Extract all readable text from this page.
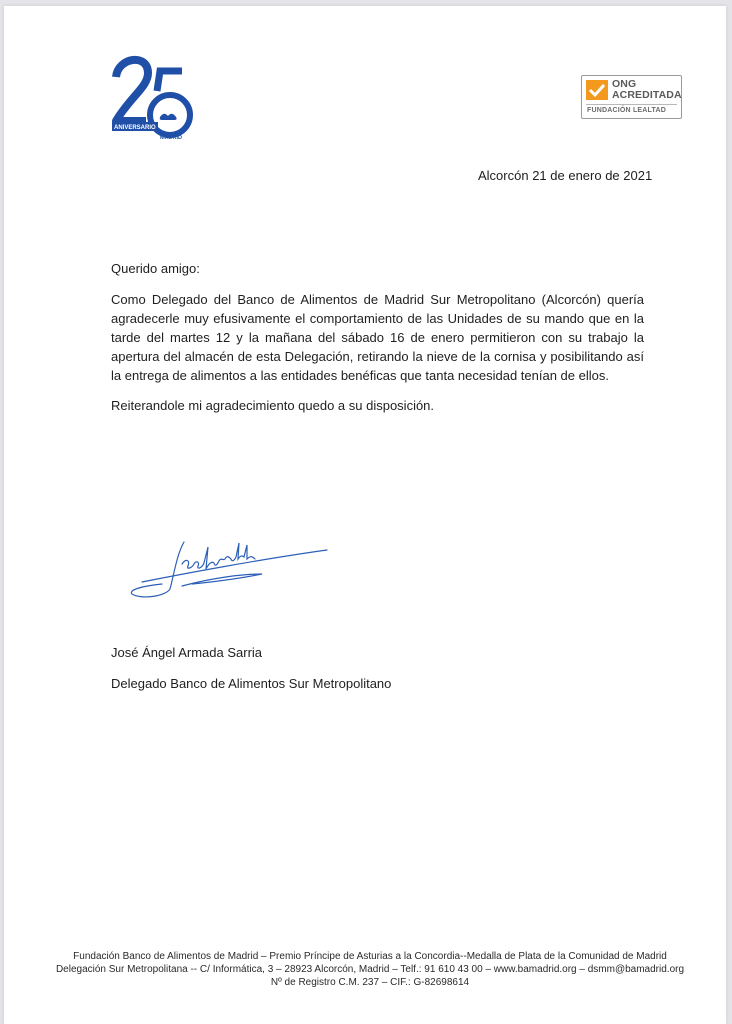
ANIVERSARIO
MADRID
ONG
ACREDITADA
FUNDACIÓN LEALTAD
Alcorcón 21 de enero de 2021
Querido amigo:
Como Delegado del Banco de Alimentos de Madrid Sur Metropolitano (Alcorcón) quería agradecerle muy efusivamente el comportamiento de las Unidades de su mando que en la tarde del martes 12 y la mañana del sábado 16 de enero permitieron con su trabajo la apertura del almacén de esta Delegación, retirando la nieve de la cornisa y posibilitando así la entrega de alimentos a las entidades benéficas que tanta necesidad tenían de ellos.
Reiterandole mi agradecimiento quedo a su disposición.
José Ángel Armada Sarria
Delegado Banco de Alimentos Sur Metropolitano
Fundación Banco de Alimentos de Madrid – Premio Príncipe de Asturias a la Concordia--Medalla de Plata de la Comunidad de Madrid
Delegación Sur Metropolitana -- C/ Informática, 3 – 28923 Alcorcón, Madrid – Telf.: 91 610 43 00 – www.bamadrid.org – dsmm@bamadrid.org
Nº de Registro C.M. 237 – CIF.: G-82698614
